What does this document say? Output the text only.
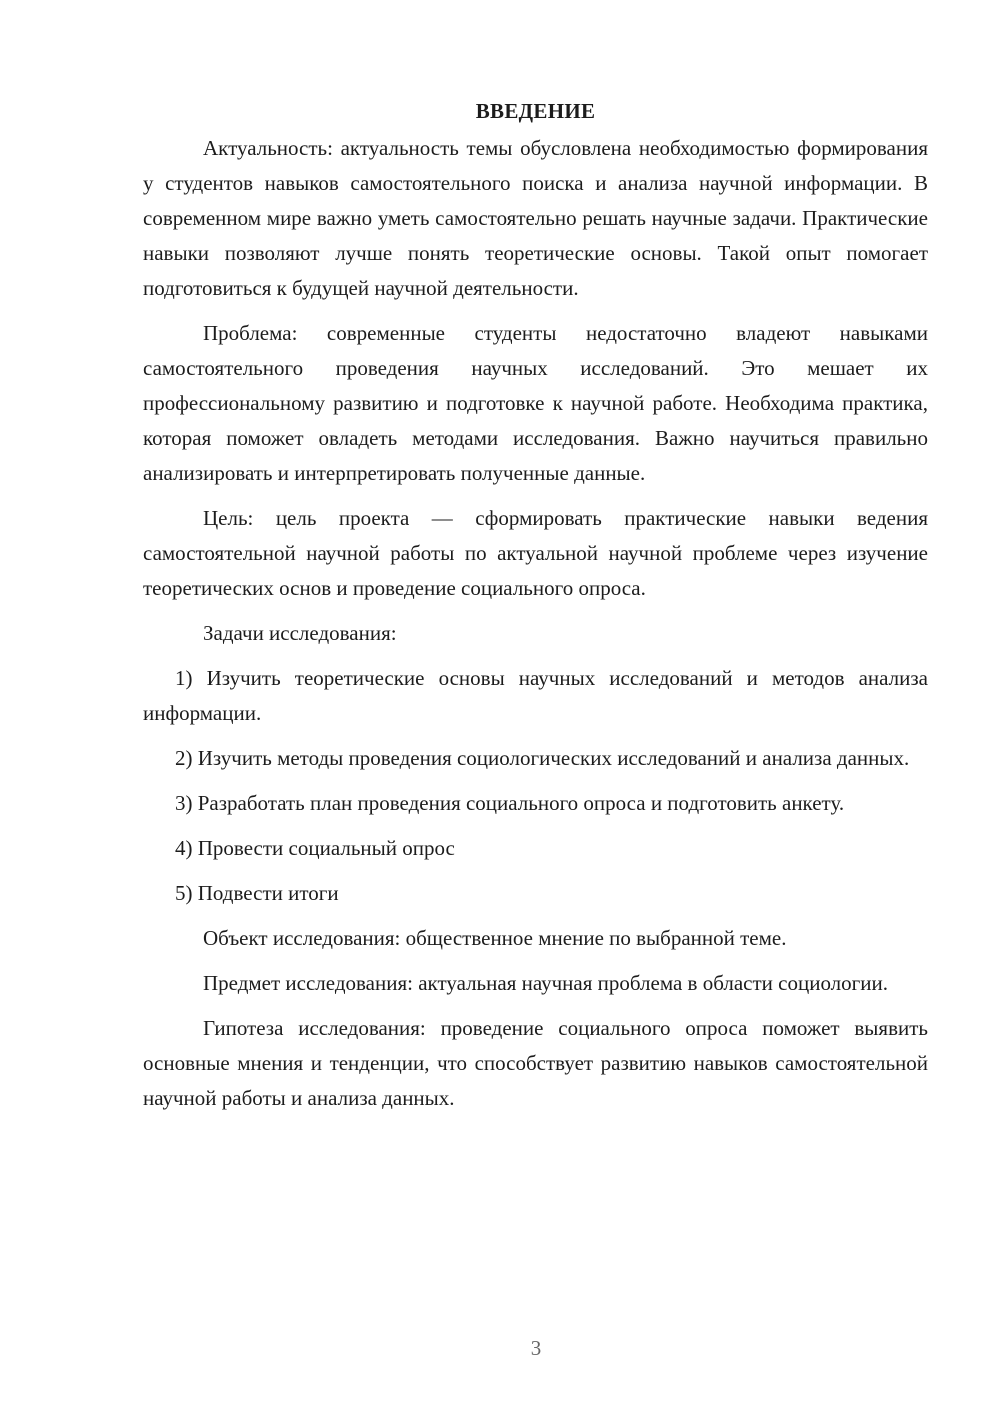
ВВЕДЕНИЕ

Актуальность: актуальность темы обусловлена необходимостью формирования у студентов навыков самостоятельного поиска и анализа научной информации. В современном мире важно уметь самостоятельно решать научные задачи. Практические навыки позволяют лучше понять теоретические основы. Такой опыт помогает подготовиться к будущей научной деятельности.

Проблема: современные студенты недостаточно владеют навыками самостоятельного проведения научных исследований. Это мешает их профессиональному развитию и подготовке к научной работе. Необходима практика, которая поможет овладеть методами исследования. Важно научиться правильно анализировать и интерпретировать полученные данные.

Цель: цель проекта — сформировать практические навыки ведения самостоятельной научной работы по актуальной научной проблеме через изучение теоретических основ и проведение социального опроса.

Задачи исследования:

1) Изучить теоретические основы научных исследований и методов анализа информации.

2) Изучить методы проведения социологических исследований и анализа данных.

3) Разработать план проведения социального опроса и подготовить анкету.

4) Провести социальный опрос

5) Подвести итоги

Объект исследования: общественное мнение по выбранной теме.

Предмет исследования: актуальная научная проблема в области социологии.

Гипотеза исследования: проведение социального опроса поможет выявить основные мнения и тенденции, что способствует развитию навыков самостоятельной научной работы и анализа данных.

3
